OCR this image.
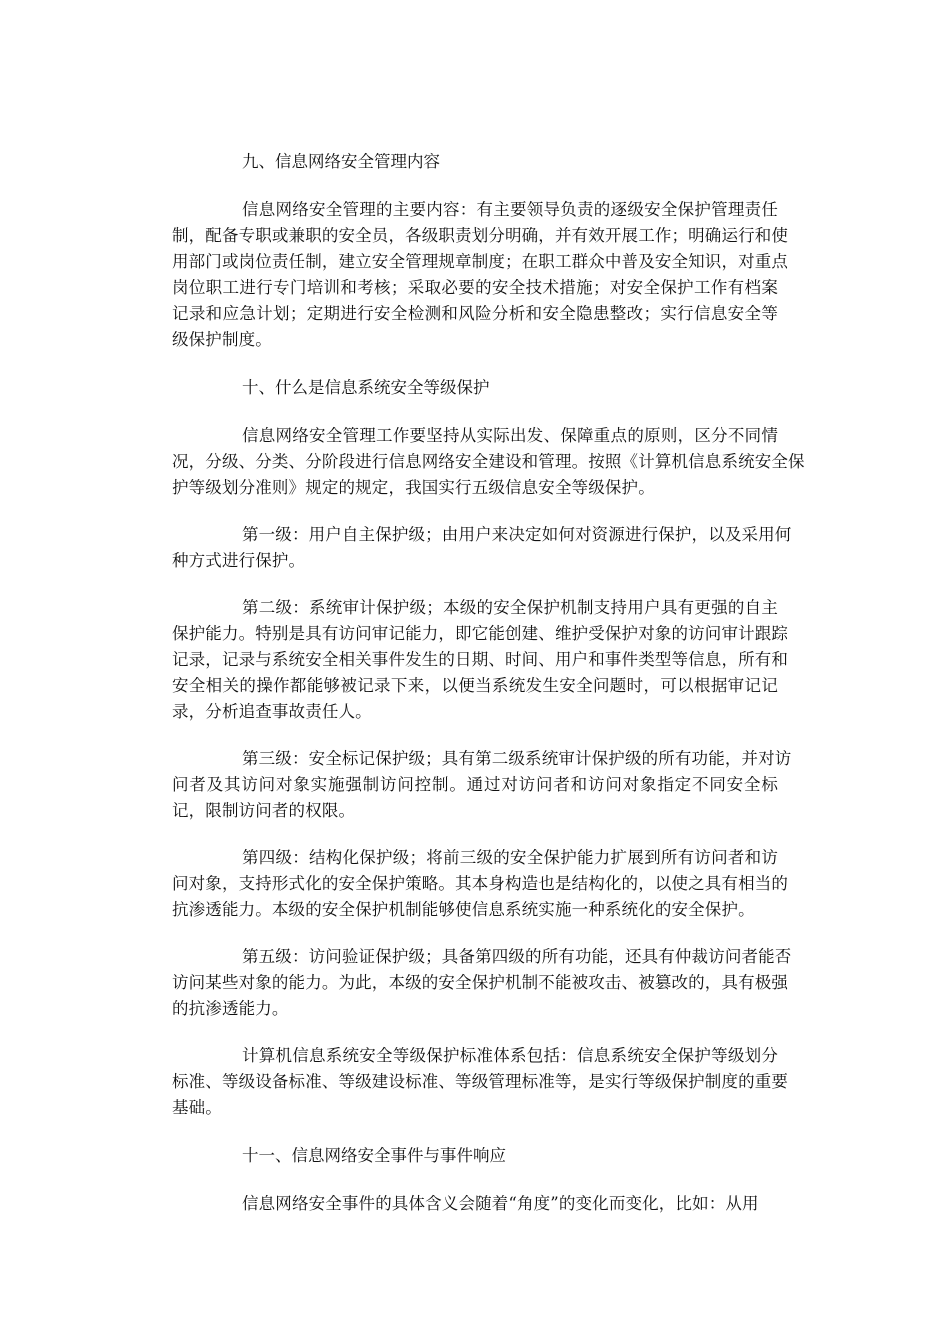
九、信息网络安全管理内容

信息网络安全管理的主要内容：有主要领导负责的逐级安全保护管理责任
制，配备专职或兼职的安全员，各级职责划分明确，并有效开展工作；明确运行和使
用部门或岗位责任制，建立安全管理规章制度；在职工群众中普及安全知识，对重点
岗位职工进行专门培训和考核；采取必要的安全技术措施；对安全保护工作有档案
记录和应急计划；定期进行安全检测和风险分析和安全隐患整改；实行信息安全等
级保护制度。

十、什么是信息系统安全等级保护

信息网络安全管理工作要坚持从实际出发、保障重点的原则，区分不同情
况，分级、分类、分阶段进行信息网络安全建设和管理。按照《计算机信息系统安全保
护等级划分准则》规定的规定，我国实行五级信息安全等级保护。

第一级：用户自主保护级；由用户来决定如何对资源进行保护，以及采用何
种方式进行保护。

第二级：系统审计保护级；本级的安全保护机制支持用户具有更强的自主
保护能力。特别是具有访问审记能力，即它能创建、维护受保护对象的访问审计跟踪
记录，记录与系统安全相关事件发生的日期、时间、用户和事件类型等信息，所有和
安全相关的操作都能够被记录下来，以便当系统发生安全问题时，可以根据审记记
录，分析追查事故责任人。

第三级：安全标记保护级；具有第二级系统审计保护级的所有功能，并对访
问者及其访问对象实施强制访问控制。通过对访问者和访问对象指定不同安全标
记，限制访问者的权限。

第四级：结构化保护级；将前三级的安全保护能力扩展到所有访问者和访
问对象，支持形式化的安全保护策略。其本身构造也是结构化的，以使之具有相当的
抗渗透能力。本级的安全保护机制能够使信息系统实施一种系统化的安全保护。

第五级：访问验证保护级；具备第四级的所有功能，还具有仲裁访问者能否
访问某些对象的能力。为此，本级的安全保护机制不能被攻击、被篡改的，具有极强
的抗渗透能力。

计算机信息系统安全等级保护标准体系包括：信息系统安全保护等级划分
标准、等级设备标准、等级建设标准、等级管理标准等，是实行等级保护制度的重要
基础。

十一、信息网络安全事件与事件响应

信息网络安全事件的具体含义会随着“角度”的变化而变化，比如：从用
